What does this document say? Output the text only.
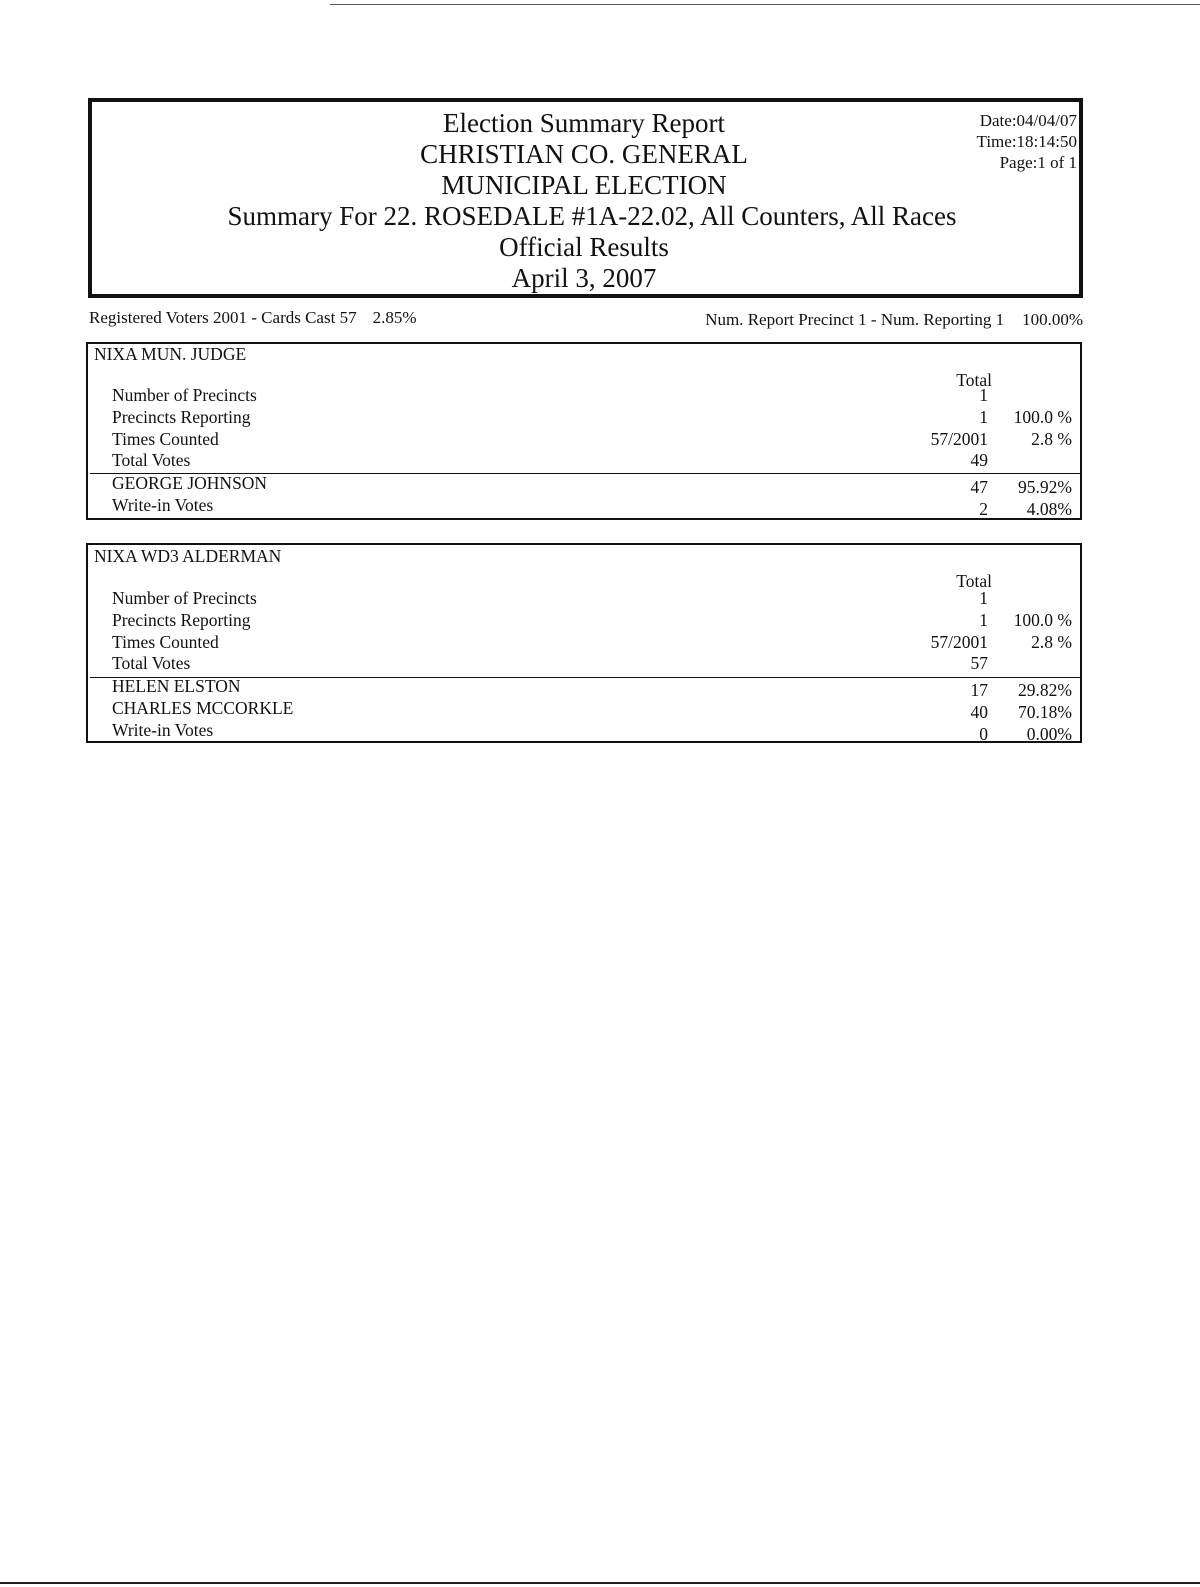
Election Summary Report
CHRISTIAN CO. GENERAL
MUNICIPAL ELECTION
Summary For 22. ROSEDALE #1A-22.02, All Counters, All Races
Official Results
April 3, 2007
Date:04/04/07
Time:18:14:50
Page:1 of 1
Registered Voters 2001 - Cards Cast 57 2.85%	Num. Report Precinct 1 - Num. Reporting 1 100.00%
NIXA MUN. JUDGE
Total
Number of Precincts	1
Precincts Reporting	1 100.0 %
Times Counted	57/2001 2.8 %
Total Votes	49
GEORGE JOHNSON	47 95.92%
Write-in Votes	2 4.08%
NIXA WD3 ALDERMAN
Total
Number of Precincts	1
Precincts Reporting	1 100.0 %
Times Counted	57/2001 2.8 %
Total Votes	57
HELEN ELSTON	17 29.82%
CHARLES MCCORKLE	40 70.18%
Write-in Votes	0 0.00%
